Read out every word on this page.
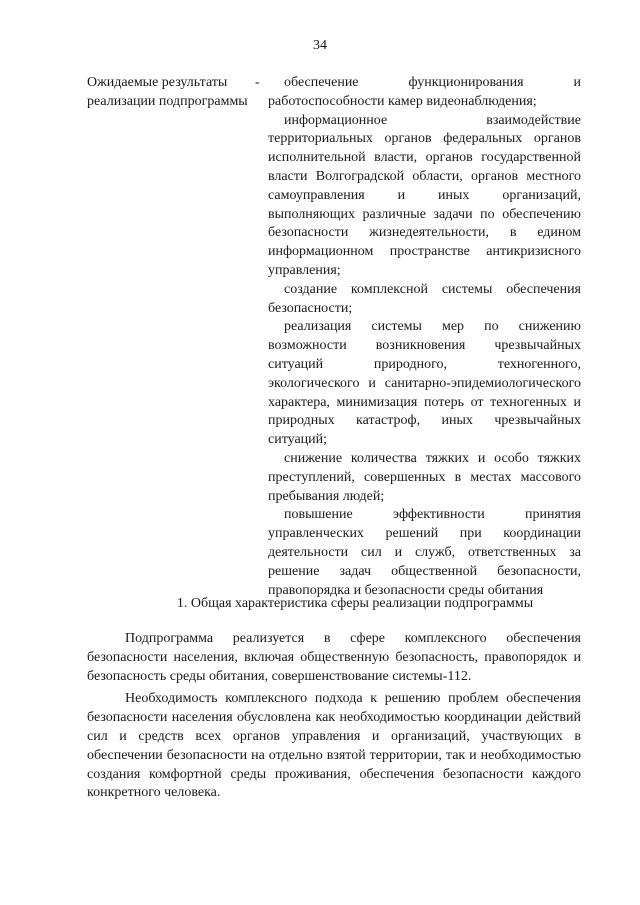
34
Ожидаемые результаты -

реализации подпрограммы

обеспечение функционирования и работоспособности камер видеонаблюдения;

информационное взаимодействие территориальных органов федеральных органов исполнительной власти, органов государственной власти Волгоградской области, органов местного самоуправления и иных организаций, выполняющих различные задачи по обеспечению безопасности жизнедеятельности, в едином информационном пространстве антикризисного управления;

создание комплексной системы обеспечения безопасности;

реализация системы мер по снижению возможности возникновения чрезвычайных ситуаций природного, техногенного, экологического и санитарно-эпидемиологического характера, минимизация потерь от техногенных и природных катастроф, иных чрезвычайных ситуаций;

снижение количества тяжких и особо тяжких преступлений, совершенных в местах массового пребывания людей;

повышение эффективности принятия управленческих решений при координации деятельности сил и служб, ответственных за решение задач общественной безопасности, правопорядка и безопасности среды обитания

1. Общая характеристика сферы реализации подпрограммы

Подпрограмма реализуется в сфере комплексного обеспечения безопасности населения, включая общественную безопасность, правопорядок и безопасность среды обитания, совершенствование системы-112.

Необходимость комплексного подхода к решению проблем обеспечения безопасности населения обусловлена как необходимостью координации действий сил и средств всех органов управления и организаций, участвующих в обеспечении безопасности на отдельно взятой территории, так и необходимостью создания комфортной среды проживания, обеспечения безопасности каждого конкретного человека.
